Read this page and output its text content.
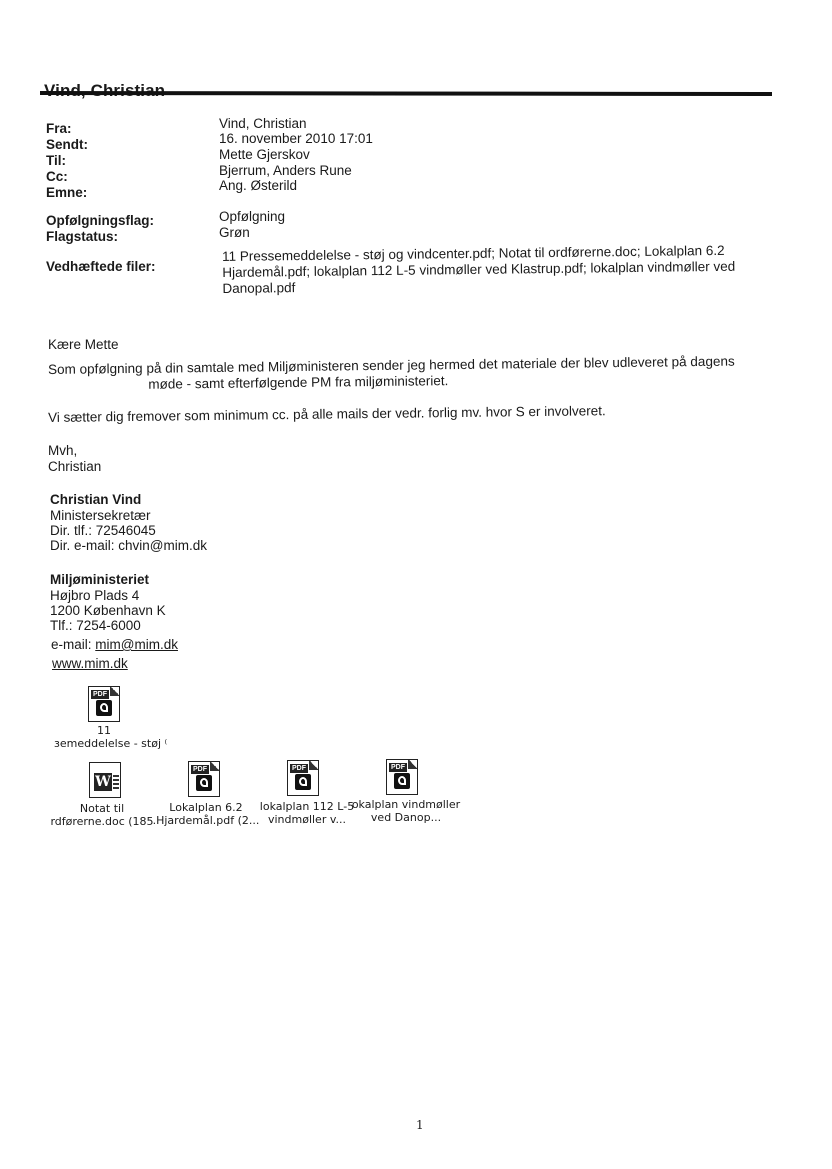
Fra:	Vind, Christian
Sendt:	16. november 2010 17:01
Til:	Mette Gjerskov
Cc:	Bjerrum, Anders Rune
Emne:	Ang. Østerild
Opfølgningsflag:	Opfølgning
Flagstatus:	Grøn
Vedhæftede filer:
11 Pressemeddelelse - støj og vindcenter.pdf; Notat til ordførerne.doc; Lokalplan 6.2
Hjardemål.pdf; lokalplan 112 L-5 vindmøller ved Klastrup.pdf; lokalplan vindmøller ved
Danopal.pdf
Kære Mette
Som opfølgning på din samtale med Miljøministeren sender jeg hermed det materiale der blev udleveret på dagens
møde - samt efterfølgende PM fra miljøministeriet.
Vi sætter dig fremover som minimum cc. på alle mails der vedr. forlig mv. hvor S er involveret.
Mvh,
Christian
Christian Vind
Ministersekretær
Dir. tlf.: 72546045
Dir. e-mail: chvin@mim.dk
Miljøministeriet
Højbro Plads 4
1200 København K
Tlf.: 7254-6000
e-mail: mim@mim.dk
www.mim.dk
PDF
11
ɜemeddelelse - støj ⁽
W
Notat til
rdførerne.doc (185
PDF
Lokalplan 6.2
.Hjardemål.pdf (2...
PDF
lokalplan 112 L-5
vindmøller v...
PDF
okalplan vindmøller
ved Danop...
1
